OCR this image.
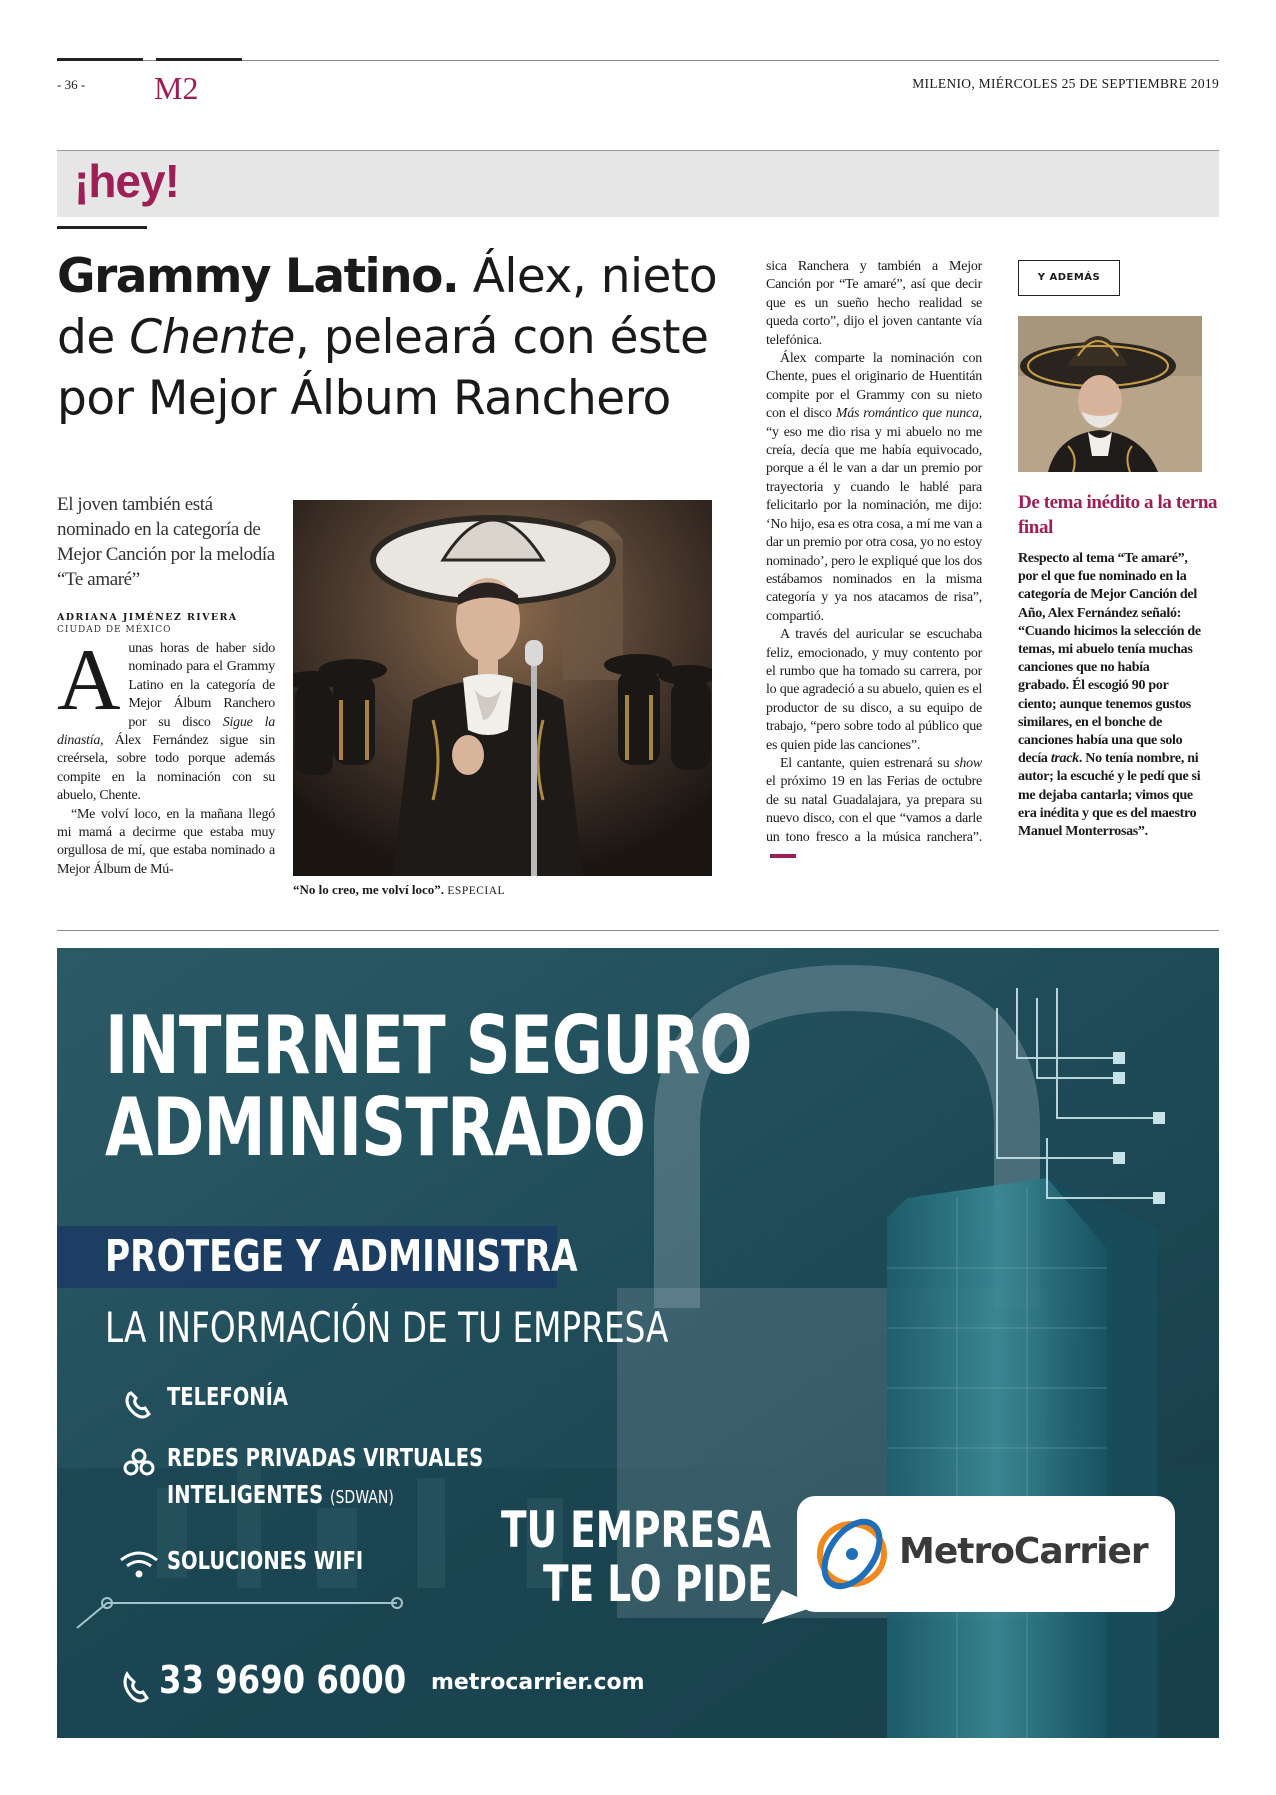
- 36 - M2	MILENIO, MIÉRCOLES 25 DE SEPTIEMBRE 2019
¡hey!
Grammy Latino. Álex, nieto
de Chente, peleará con éste
por Mejor Álbum Ranchero
El joven también está nominado en la categoría de Mejor Canción por la melodía “Te amaré”
ADRIANA JIMÉNEZ RIVERA
CIUDAD DE MÉXICO

Aunas horas de haber sido nominado para el Grammy Latino en la categoría de Mejor Álbum Ranchero por su disco Sigue la dinastía, Álex Fernández sigue sin creérsela, sobre todo porque además compite en la nominación con su abuelo, Chente.

“Me volví loco, en la mañana llegó mi mamá a decirme que estaba muy orgullosa de mí, que estaba nominado a Mejor Álbum de Mú-

“No lo creo, me volví loco”. ESPECIAL

sica Ranchera y también a Mejor Canción por “Te amaré”, así que decir que es un sueño hecho realidad se queda corto”, dijo el joven cantante vía telefónica.

Álex comparte la nominación con Chente, pues el originario de Huentitán compite por el Grammy con su nieto con el disco Más romántico que nunca, “y eso me dio risa y mi abuelo no me creía, decía que me había equivocado, porque a él le van a dar un premio por trayectoria y cuando le hablé para felicitarlo por la nominación, me dijo: ‘No hijo, esa es otra cosa, a mí me van a dar un premio por otra cosa, yo no estoy nominado’, pero le expliqué que los dos estábamos nominados en la misma categoría y ya nos atacamos de risa”, compartió.

A través del auricular se escuchaba feliz, emocionado, y muy contento por el rumbo que ha tomado su carrera, por lo que agradeció a su abuelo, quien es el productor de su disco, a su equipo de trabajo, “pero sobre todo al público que es quien pide las canciones”.

El cantante, quien estrenará su show el próximo 19 en las Ferias de octubre de su natal Guadalajara, ya prepara su nuevo disco, con el que “vamos a darle un tono fresco a la música ranchera”.

Y ADEMÁS
De tema inédito a la terna final
Respecto al tema “Te amaré”, por el que fue nominado en la categoría de Mejor Canción del Año, Alex Fernández señaló: “Cuando hicimos la selección de temas, mi abuelo tenía muchas canciones que no había grabado. Él escogió 90 por ciento; aunque tenemos gustos similares, en el bonche de canciones había una que solo decía track. No tenía nombre, ni autor; la escuché y le pedí que si me dejaba cantarla; vimos que era inédita y que es del maestro Manuel Monterrosas”.
INTERNET SEGURO
ADMINISTRADO
PROTEGE Y ADMINISTRA
LA INFORMACIÓN DE TU EMPRESA
TELEFONÍA
REDES PRIVADAS VIRTUALES
INTELIGENTES (SDWAN)
SOLUCIONES WIFI
TU EMPRESA
TE LO PIDE
MetroCarrier
33 9690 6000 metrocarrier.com
